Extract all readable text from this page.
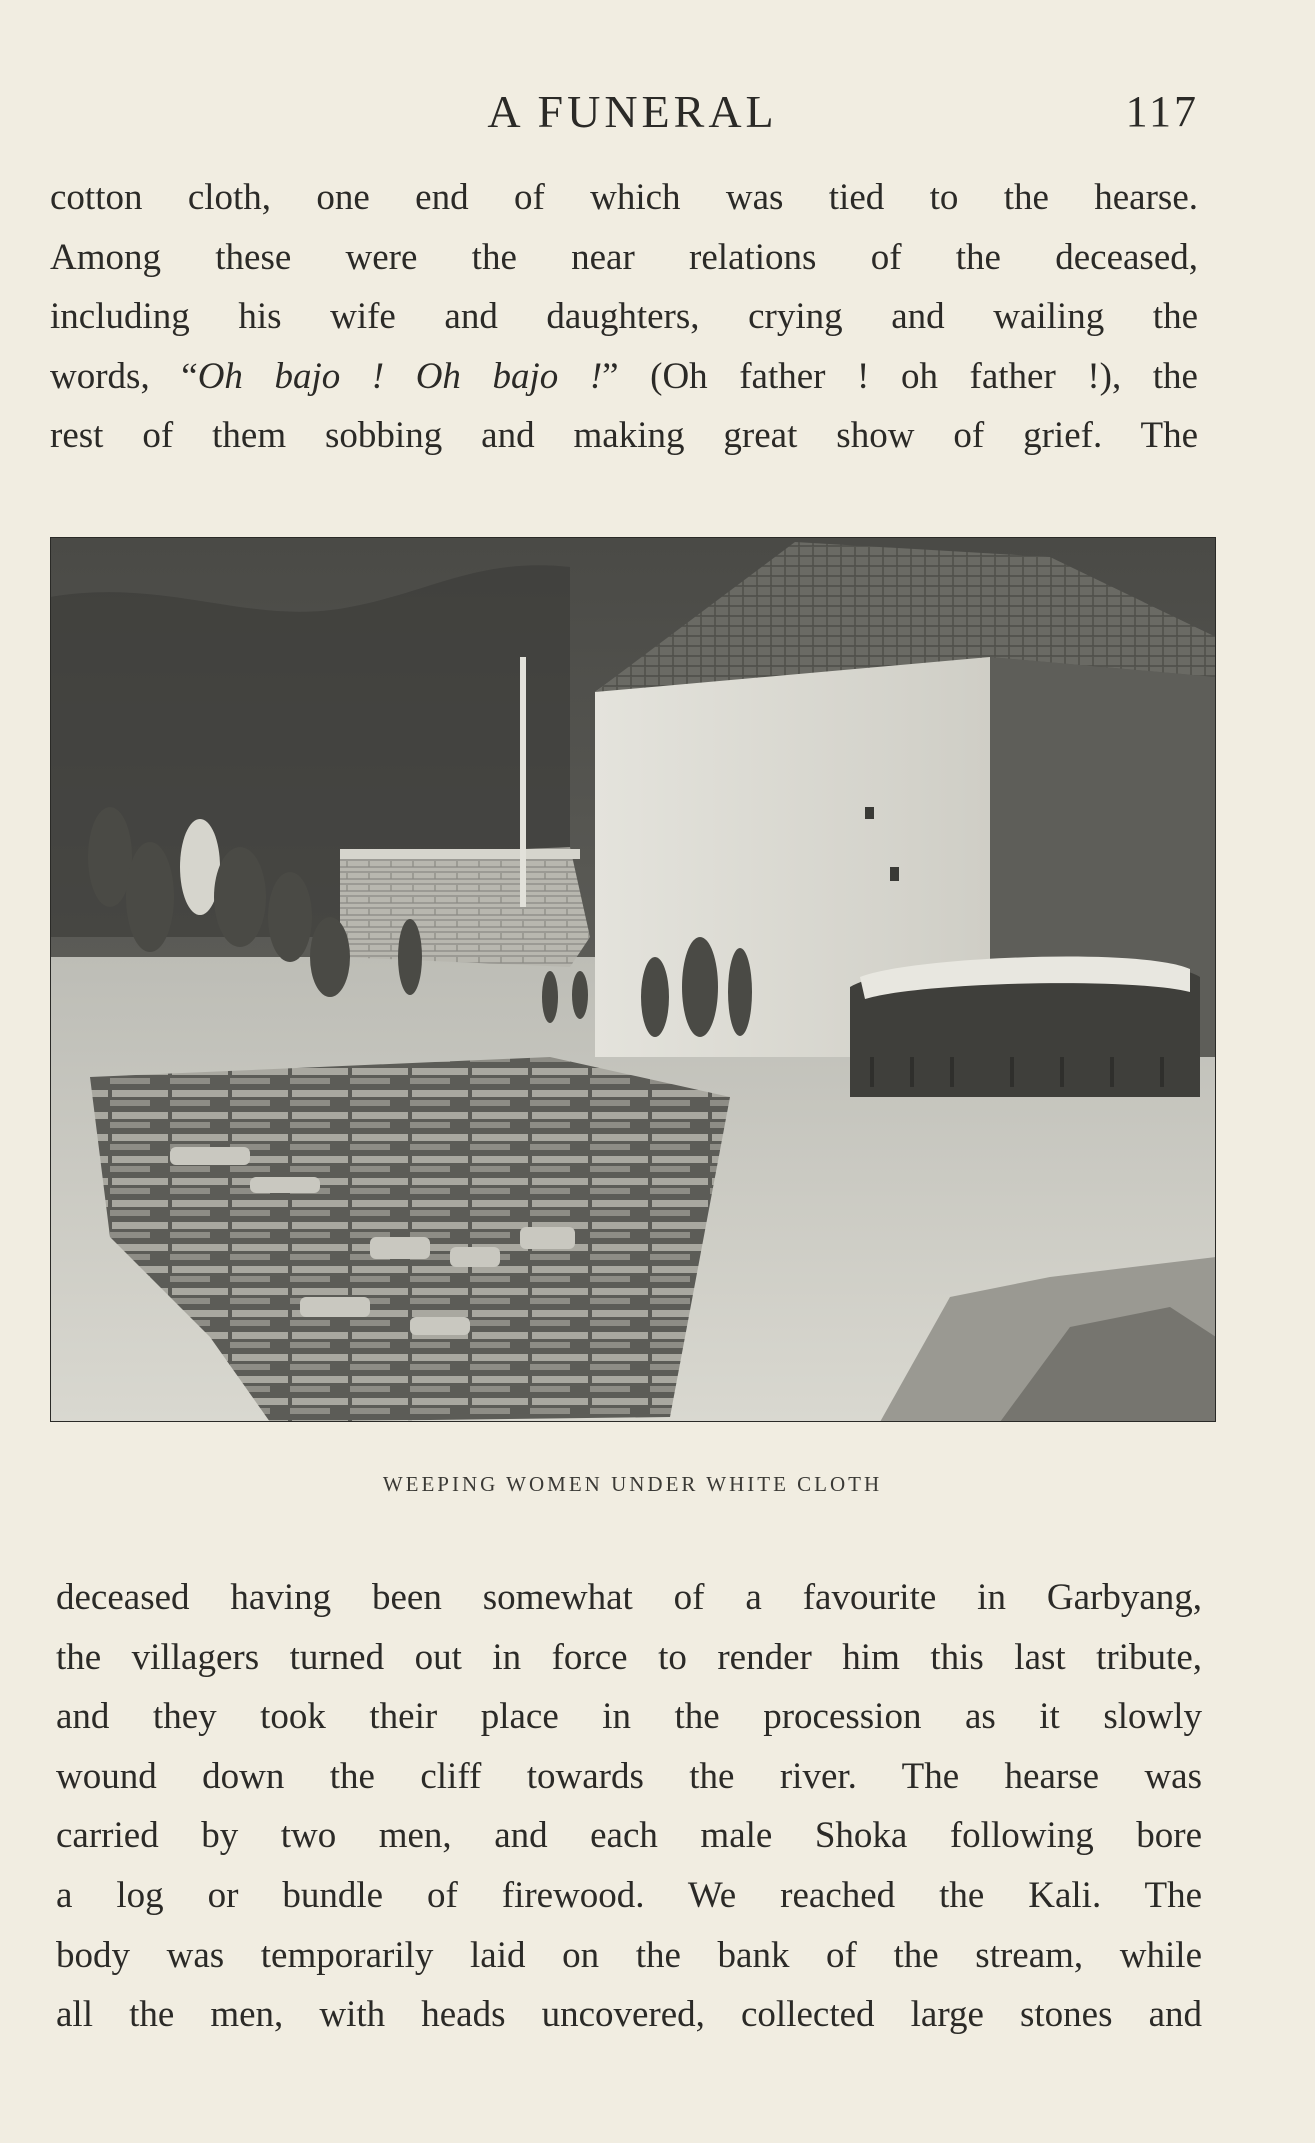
A FUNERAL	117
cotton cloth, one end of which was tied to the hearse.
Among these were the near relations of the deceased,
including his wife and daughters, crying and wailing the
words, “Oh bajo ! Oh bajo !” (Oh father ! oh father !), the
rest of them sobbing and making great show of grief. The
WEEPING WOMEN UNDER WHITE CLOTH
deceased having been somewhat of a favourite in Garbyang,
the villagers turned out in force to render him this last tribute,
and they took their place in the procession as it slowly
wound down the cliff towards the river. The hearse was
carried by two men, and each male Shoka following bore
a log or bundle of firewood. We reached the Kali. The
body was temporarily laid on the bank of the stream, while
all the men, with heads uncovered, collected large stones and
